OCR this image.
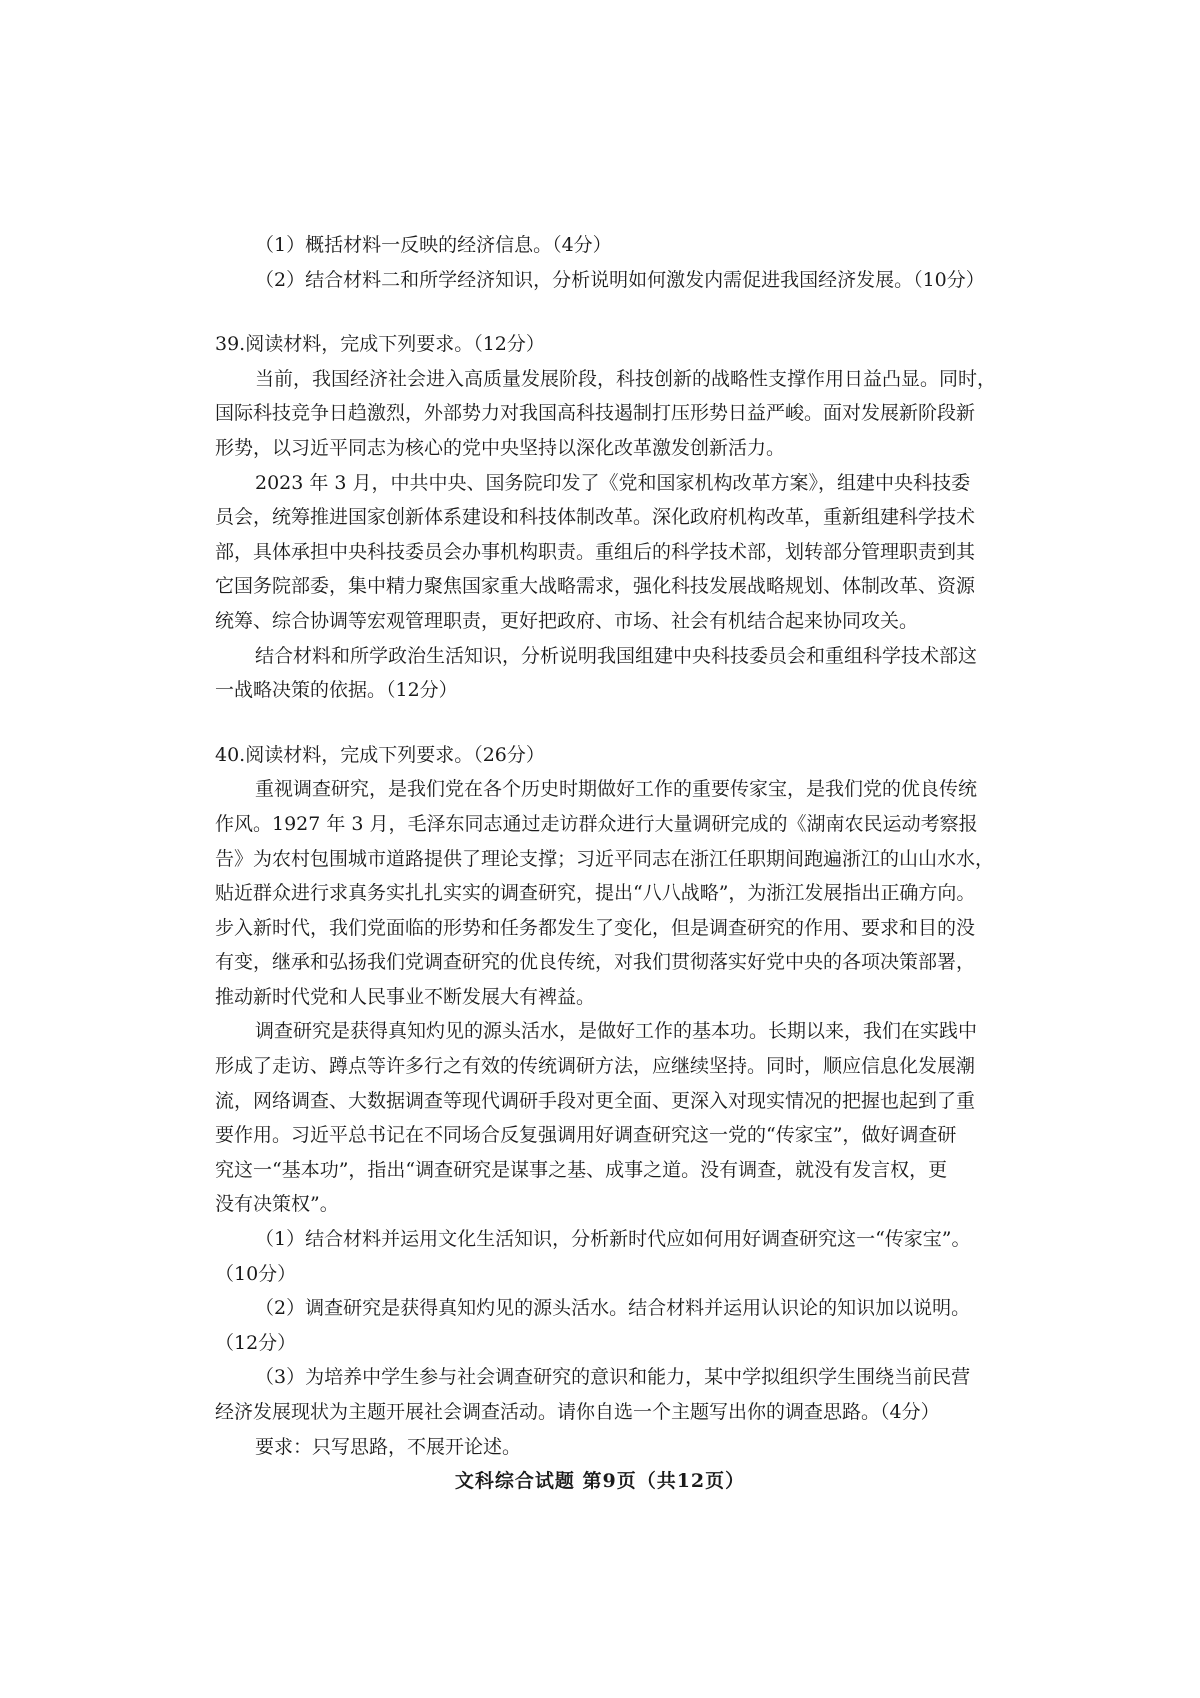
（1）概括材料一反映的经济信息。（4分）
（2）结合材料二和所学经济知识，分析说明如何激发内需促进我国经济发展。（10分）
39.阅读材料，完成下列要求。（12分）
当前，我国经济社会进入高质量发展阶段，科技创新的战略性支撑作用日益凸显。同时，
国际科技竞争日趋激烈，外部势力对我国高科技遏制打压形势日益严峻。面对发展新阶段新
形势，以习近平同志为核心的党中央坚持以深化改革激发创新活力。
2023 年 3 月，中共中央、国务院印发了《党和国家机构改革方案》，组建中央科技委
员会，统筹推进国家创新体系建设和科技体制改革。深化政府机构改革，重新组建科学技术
部，具体承担中央科技委员会办事机构职责。重组后的科学技术部，划转部分管理职责到其
它国务院部委，集中精力聚焦国家重大战略需求，强化科技发展战略规划、体制改革、资源
统筹、综合协调等宏观管理职责，更好把政府、市场、社会有机结合起来协同攻关。
结合材料和所学政治生活知识，分析说明我国组建中央科技委员会和重组科学技术部这
一战略决策的依据。（12分）
40.阅读材料，完成下列要求。（26分）
重视调查研究，是我们党在各个历史时期做好工作的重要传家宝，是我们党的优良传统
作风。1927 年 3 月，毛泽东同志通过走访群众进行大量调研完成的《湖南农民运动考察报
告》为农村包围城市道路提供了理论支撑；习近平同志在浙江任职期间跑遍浙江的山山水水，
贴近群众进行求真务实扎扎实实的调查研究，提出“八八战略”，为浙江发展指出正确方向。
步入新时代，我们党面临的形势和任务都发生了变化，但是调查研究的作用、要求和目的没
有变，继承和弘扬我们党调查研究的优良传统，对我们贯彻落实好党中央的各项决策部署，
推动新时代党和人民事业不断发展大有裨益。
调查研究是获得真知灼见的源头活水，是做好工作的基本功。长期以来，我们在实践中
形成了走访、蹲点等许多行之有效的传统调研方法，应继续坚持。同时，顺应信息化发展潮
流，网络调查、大数据调查等现代调研手段对更全面、更深入对现实情况的把握也起到了重
要作用。习近平总书记在不同场合反复强调用好调查研究这一党的“传家宝”，做好调查研
究这一“基本功”，指出“调查研究是谋事之基、成事之道。没有调查，就没有发言权，更
没有决策权”。
（1）结合材料并运用文化生活知识，分析新时代应如何用好调查研究这一“传家宝”。
（10分）
（2）调查研究是获得真知灼见的源头活水。结合材料并运用认识论的知识加以说明。
（12分）
（3）为培养中学生参与社会调查研究的意识和能力，某中学拟组织学生围绕当前民营
经济发展现状为主题开展社会调查活动。请你自选一个主题写出你的调查思路。（4分）
要求：只写思路，不展开论述。
文科综合试题 第9页（共12页）
